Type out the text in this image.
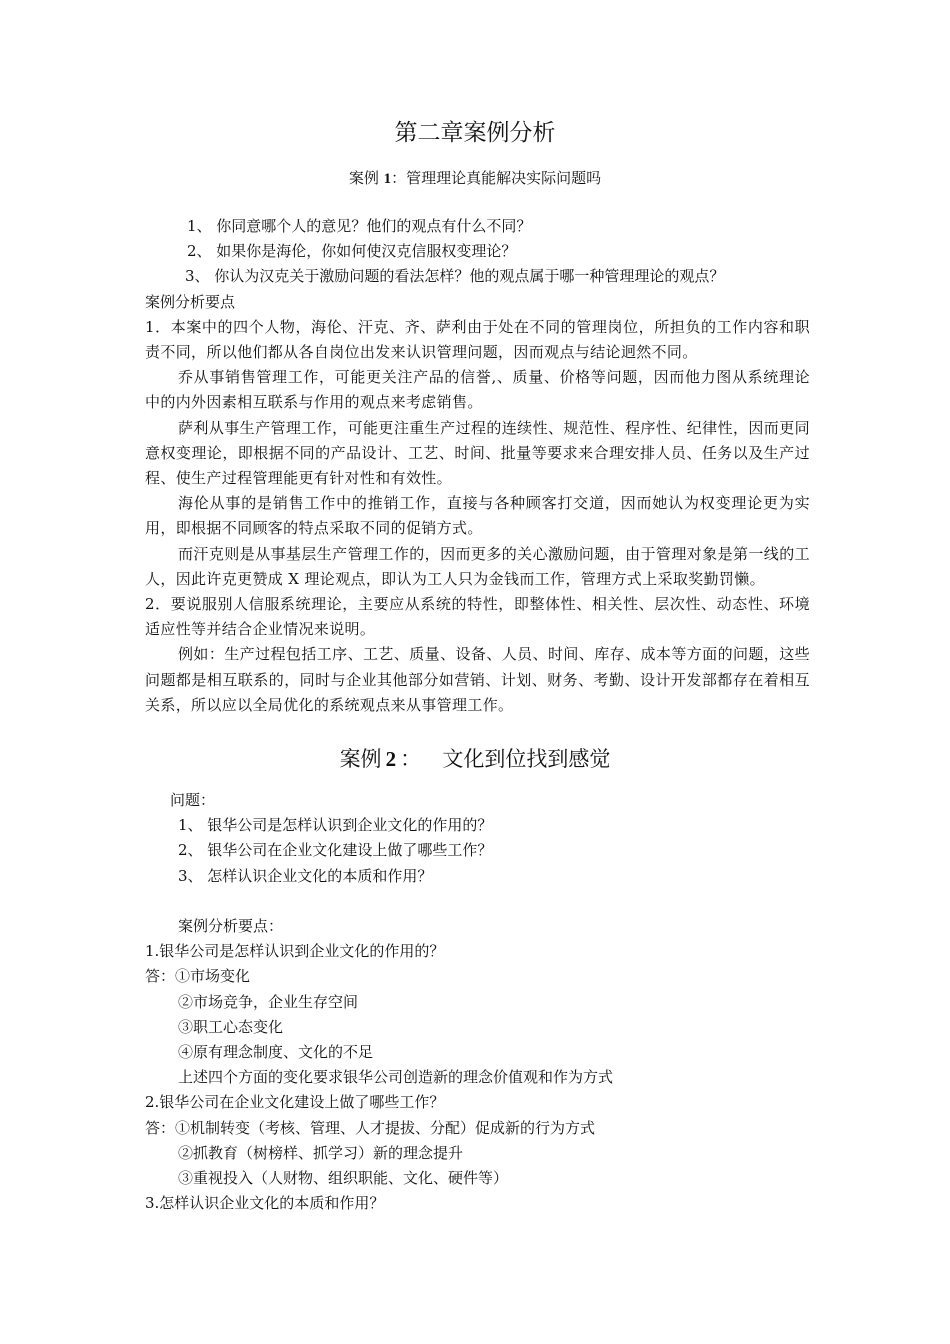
第二章案例分析
案例 1：管理理论真能解决实际问题吗
1、 你同意哪个人的意见？他们的观点有什么不同？
2、 如果你是海伦，你如何使汉克信服权变理论？
3、 你认为汉克关于激励问题的看法怎样？他的观点属于哪一种管理理论的观点？
案例分析要点
1．本案中的四个人物，海伦、汗克、齐、萨利由于处在不同的管理岗位，所担负的工作内容和职责不同，所以他们都从各自岗位出发来认识管理问题，因而观点与结论迥然不同。
乔从事销售管理工作，可能更关注产品的信誉,、质量、价格等问题，因而他力图从系统理论中的内外因素相互联系与作用的观点来考虑销售。
萨利从事生产管理工作，可能更注重生产过程的连续性、规范性、程序性、纪律性，因而更同意权变理论，即根据不同的产品设计、工艺、时间、批量等要求来合理安排人员、任务以及生产过程、使生产过程管理能更有针对性和有效性。
海伦从事的是销售工作中的推销工作，直接与各种顾客打交道，因而她认为权变理论更为实用，即根据不同顾客的特点采取不同的促销方式。
而汗克则是从事基层生产管理工作的，因而更多的关心激励问题，由于管理对象是第一线的工人，因此许克更赞成 X 理论观点，即认为工人只为金钱而工作，管理方式上采取奖勤罚懒。
2．要说服别人信服系统理论，主要应从系统的特性，即整体性、相关性、层次性、动态性、环境适应性等并结合企业情况来说明。
例如：生产过程包括工序、工艺、质量、设备、人员、时间、库存、成本等方面的问题，这些问题都是相互联系的，同时与企业其他部分如营销、计划、财务、考勤、设计开发部都存在着相互关系，所以应以全局优化的系统观点来从事管理工作。
案例 2 ：  文化到位找到感觉
问题：
1、 银华公司是怎样认识到企业文化的作用的？
2、 银华公司在企业文化建设上做了哪些工作？
3、 怎样认识企业文化的本质和作用？

案例分析要点：
1.银华公司是怎样认识到企业文化的作用的？
答：①市场变化
②市场竞争，企业生存空间
③职工心态变化
④原有理念制度、文化的不足
上述四个方面的变化要求银华公司创造新的理念价值观和作为方式
2.银华公司在企业文化建设上做了哪些工作？
答：①机制转变（考核、管理、人才提拔、分配）促成新的行为方式
②抓教育（树榜样、抓学习）新的理念提升
③重视投入（人财物、组织职能、文化、硬件等）
3.怎样认识企业文化的本质和作用？
